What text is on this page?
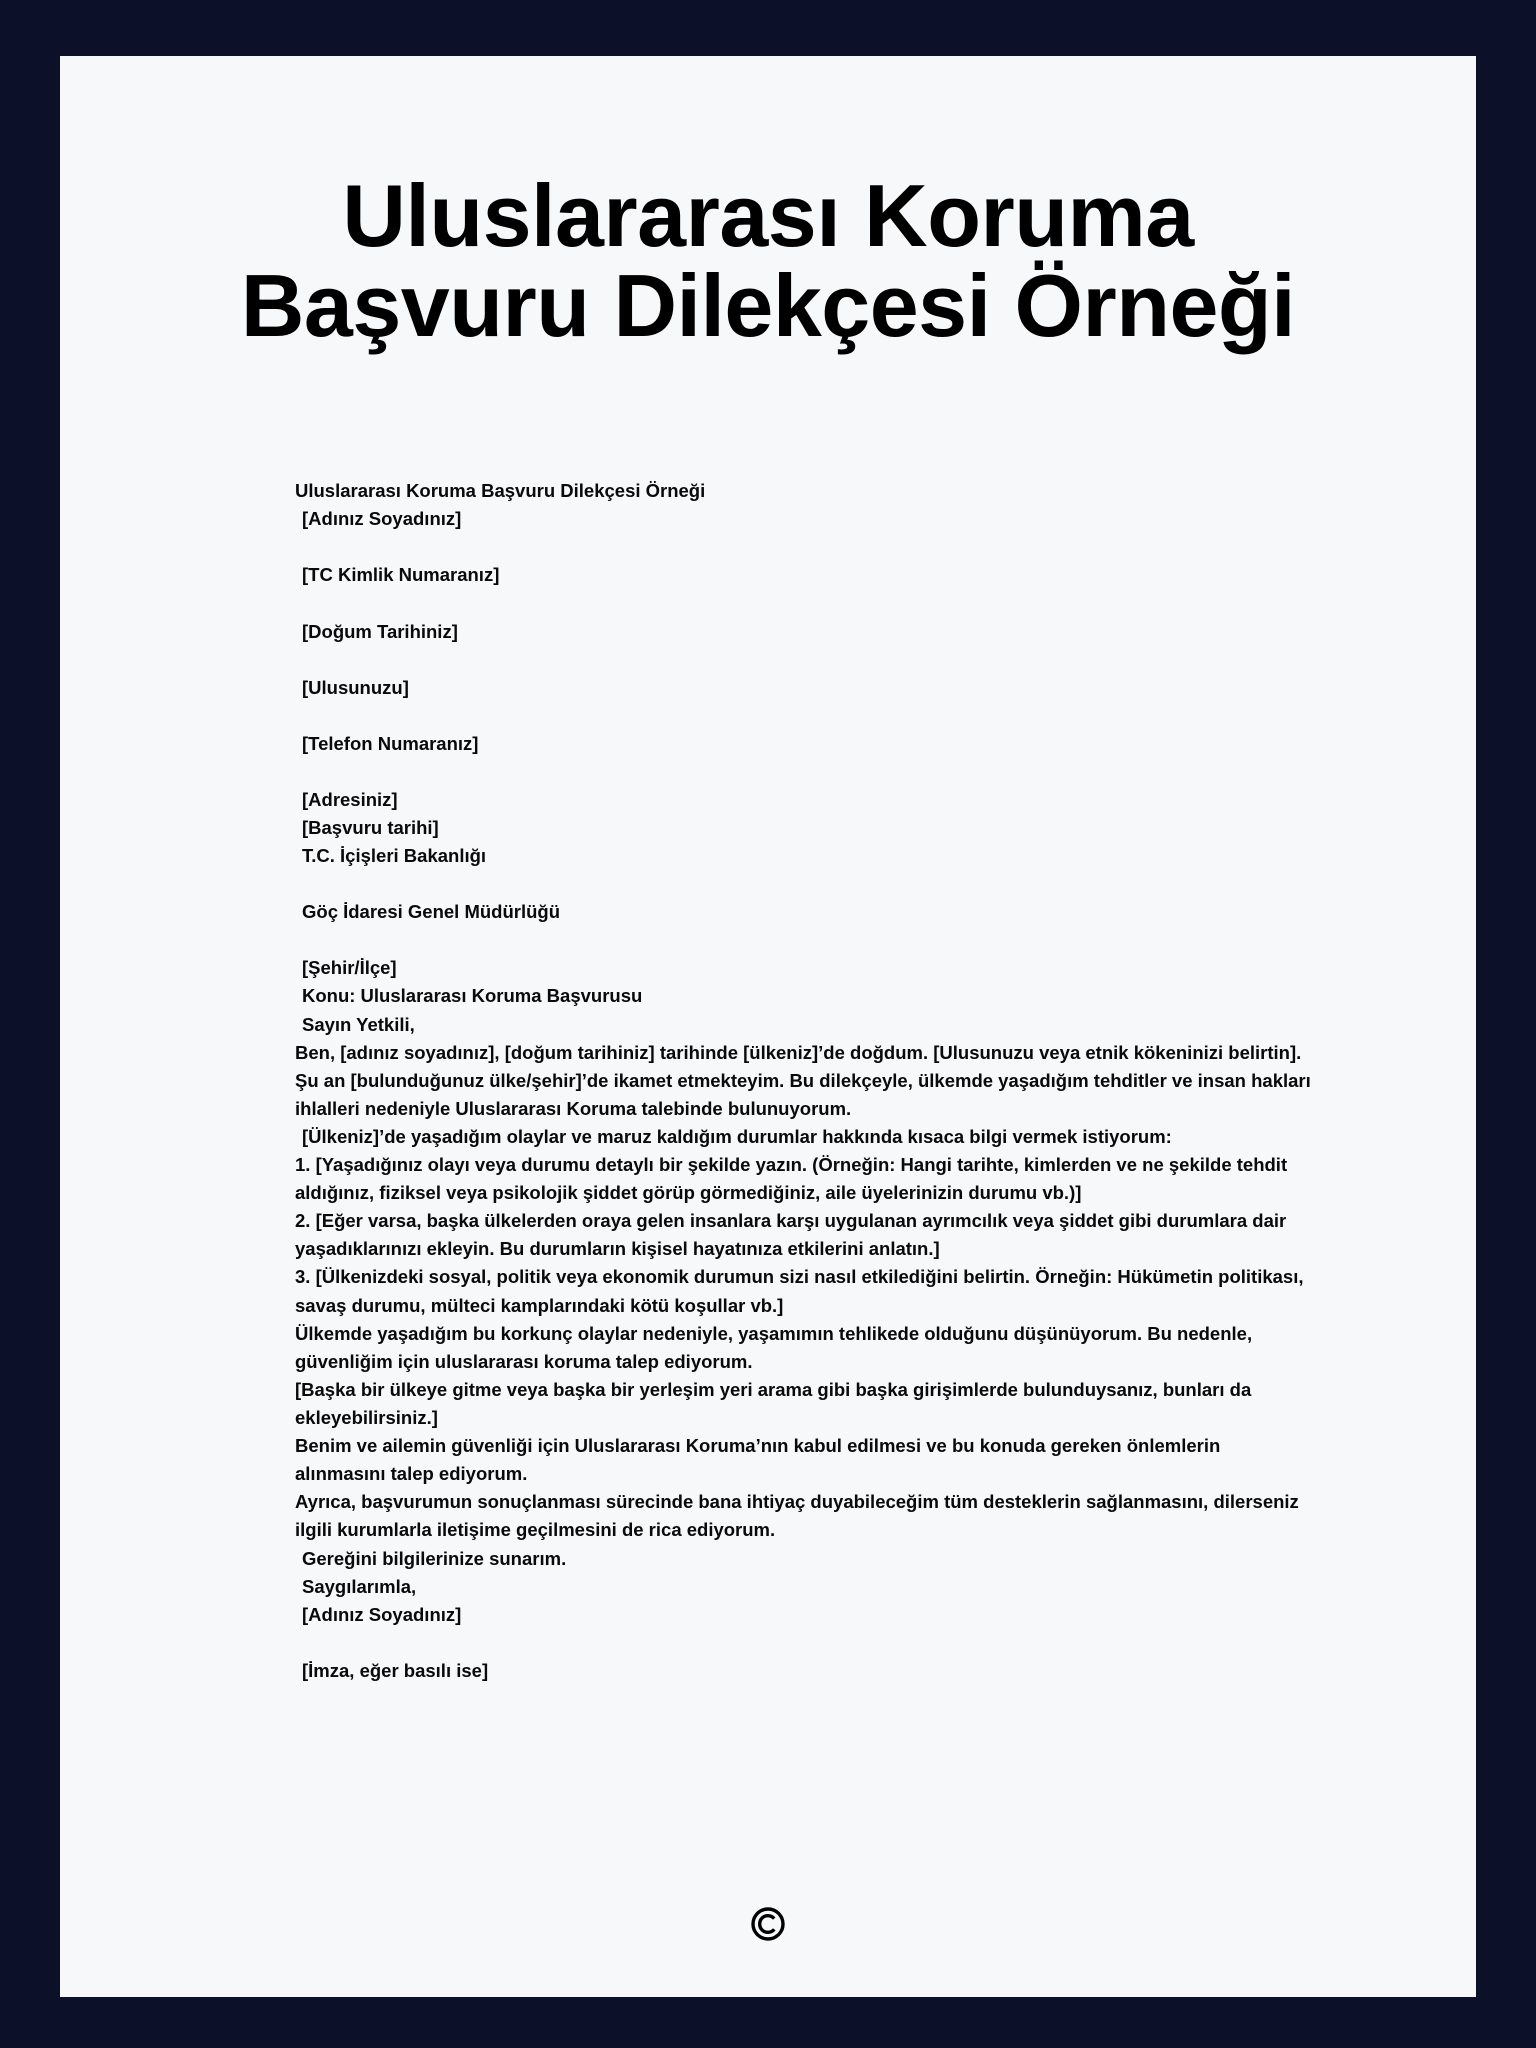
Uluslararası Koruma
Başvuru Dilekçesi Örneği

Uluslararası Koruma Başvuru Dilekçesi Örneği

[Adınız Soyadınız]

[TC Kimlik Numaranız]

[Doğum Tarihiniz]

[Ulusunuzu]

[Telefon Numaranız]

[Adresiniz]

[Başvuru tarihi]

T.C. İçişleri Bakanlığı

Göç İdaresi Genel Müdürlüğü

[Şehir/İlçe]

Konu: Uluslararası Koruma Başvurusu

Sayın Yetkili,

Ben, [adınız soyadınız], [doğum tarihiniz] tarihinde [ülkeniz]’de doğdum. [Ulusunuzu veya etnik kökeninizi belirtin]. Şu an [bulunduğunuz ülke/şehir]’de ikamet etmekteyim. Bu dilekçeyle, ülkemde yaşadığım tehditler ve insan hakları ihlalleri nedeniyle Uluslararası Koruma talebinde bulunuyorum.

[Ülkeniz]’de yaşadığım olaylar ve maruz kaldığım durumlar hakkında kısaca bilgi vermek istiyorum:

1. [Yaşadığınız olayı veya durumu detaylı bir şekilde yazın. (Örneğin: Hangi tarihte, kimlerden ve ne şekilde tehdit aldığınız, fiziksel veya psikolojik şiddet görüp görmediğiniz, aile üyelerinizin durumu vb.)]

2. [Eğer varsa, başka ülkelerden oraya gelen insanlara karşı uygulanan ayrımcılık veya şiddet gibi durumlara dair yaşadıklarınızı ekleyin. Bu durumların kişisel hayatınıza etkilerini anlatın.]

3. [Ülkenizdeki sosyal, politik veya ekonomik durumun sizi nasıl etkilediğini belirtin. Örneğin: Hükümetin politikası, savaş durumu, mülteci kamplarındaki kötü koşullar vb.]

Ülkemde yaşadığım bu korkunç olaylar nedeniyle, yaşamımın tehlikede olduğunu düşünüyorum. Bu nedenle, güvenliğim için uluslararası koruma talep ediyorum.

[Başka bir ülkeye gitme veya başka bir yerleşim yeri arama gibi başka girişimlerde bulunduysanız, bunları da ekleyebilirsiniz.]

Benim ve ailemin güvenliği için Uluslararası Koruma’nın kabul edilmesi ve bu konuda gereken önlemlerin alınmasını talep ediyorum.

Ayrıca, başvurumun sonuçlanması sürecinde bana ihtiyaç duyabileceğim tüm desteklerin sağlanmasını, dilerseniz ilgili kurumlarla iletişime geçilmesini de rica ediyorum.

Gereğini bilgilerinize sunarım.

Saygılarımla,

[Adınız Soyadınız]

[İmza, eğer basılı ise]
